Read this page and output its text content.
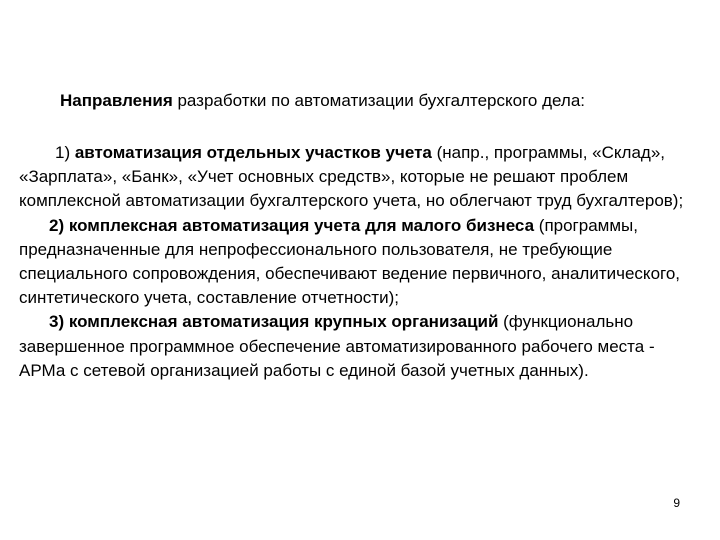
Направления разработки по автоматизации бухгалтерского дела:

1) автоматизация отдельных участков учета (напр., программы, «Склад», «Зарплата», «Банк», «Учет основных средств», которые не решают проблем комплексной автоматизации бухгалтерского учета, но облегчают труд бухгалтеров);

2) комплексная автоматизация учета для малого бизнеса (программы, предназначенные для непрофессионального пользователя, не требующие специального сопровождения, обеспечивают ведение первичного, аналитического, синтетического учета, составление отчетности);

3) комплексная автоматизация крупных организаций (функционально завершенное программное обеспечение автоматизированного рабочего места - АРМа с сетевой организацией работы с единой базой учетных данных).

9
